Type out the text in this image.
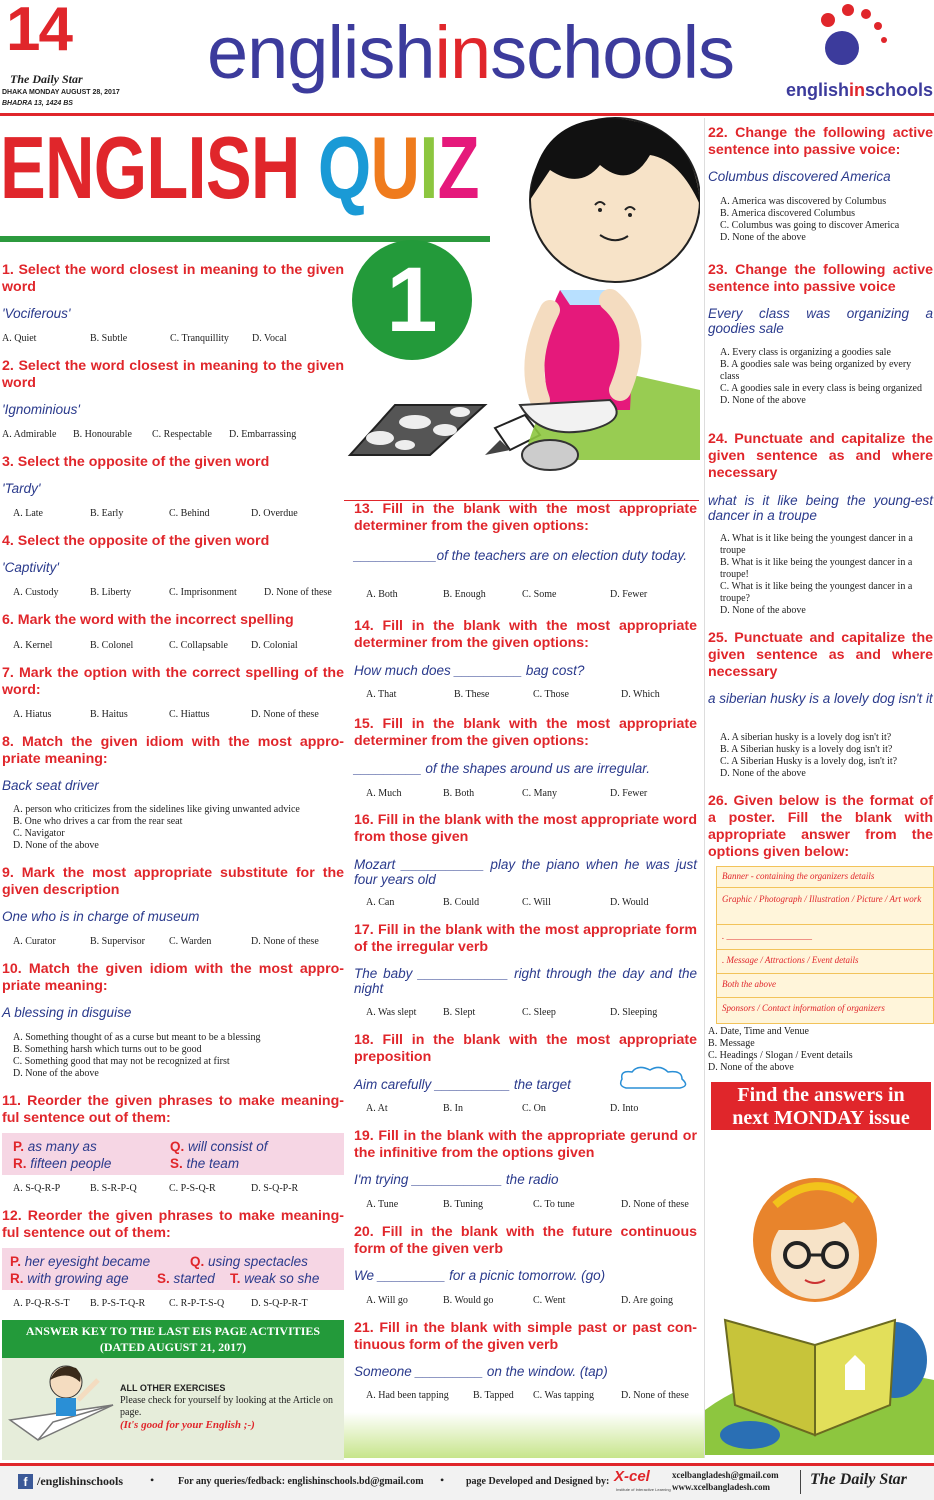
14
The Daily Star
DHAKA MONDAY AUGUST 28, 2017
BHADRA 13, 1424 BS
englishinschools	englishinschools
ENGLISH QUIZ
1
1. Select the word closest in meaning to the given word
'Vociferous'
A. Quiet	B. Subtle	C. Tranquillity	D. Vocal
2. Select the word closest in meaning to the given word
'Ignominious'
A. Admirable	B. Honourable	C. Respectable	D. Embarrassing
3. Select the opposite of the given word
'Tardy'
A. Late	B. Early	C. Behind	D. Overdue
4. Select the opposite of the given word
'Captivity'
A. Custody	B. Liberty	C. Imprisonment	D. None of these
6. Mark the word with the incorrect spelling
A. Kernel	B. Colonel	C. Collapsable	D. Colonial
7. Mark the option with the correct spelling of the word:
A. Hiatus	B. Haitus	C. Hiattus	D. None of these
8. Match the given idiom with the most appro-priate meaning:
Back seat driver
A. person who criticizes from the sidelines like giving unwanted advice
B. One who drives a car from the rear seat
C. Navigator
D. None of the above
9. Mark the most appropriate substitute for the given description
One who is in charge of museum
A. Curator	B. Supervisor	C. Warden	D. None of these
10. Match the given idiom with the most appro-priate meaning:
A blessing in disguise
A. Something thought of as a curse but meant to be a blessing
B. Something harsh which turns out to be good
C. Something good that may not be recognized at first
D. None of the above
11. Reorder the given phrases to make meaning-ful sentence out of them:
P. as many as	Q. will consist of
R. fifteen people	S. the team
A. S-Q-R-P	B. S-R-P-Q	C. P-S-Q-R	D. S-Q-P-R
12. Reorder the given phrases to make meaning-ful sentence out of them:
P. her eyesight became	Q. using spectacles
R. with growing age S. started T. weak so she
A. P-Q-R-S-T	B. P-S-T-Q-R	C. R-P-T-S-Q	D. S-Q-P-R-T
ANSWER KEY TO THE LAST EIS PAGE ACTIVITIES
(DATED AUGUST 21, 2017)
ALL OTHER EXERCISES
Please check for yourself by looking at the Article on page.
(It's good for your English ;-)
13. Fill in the blank with the most appropriate determiner from the given options:
___________of the teachers are on election duty today.
A. Both	B. Enough	C. Some	D. Fewer
14. Fill in the blank with the most appropriate determiner from the given options:
How much does _________ bag cost?
A. That	B. These	C. Those	D. Which
15. Fill in the blank with the most appropriate determiner from the given options:
_________ of the shapes around us are irregular.
A. Much	B. Both	C. Many	D. Fewer
16. Fill in the blank with the most appropriate word from those given
Mozart ___________ play the piano when he was just four years old
A. Can	B. Could	C. Will	D. Would
17. Fill in the blank with the most appropriate form of the irregular verb
The baby ____________ right through the day and the night
A. Was slept	B. Slept	C. Sleep	D. Sleeping
18. Fill in the blank with the most appropriate preposition
Aim carefully __________ the target
A. At	B. In	C. On	D. Into
19. Fill in the blank with the appropriate gerund or the infinitive from the options given
I'm trying ____________ the radio
A. Tune	B. Tuning	C. To tune	D. None of these
20. Fill in the blank with the future continuous form of the given verb
We _________ for a picnic tomorrow. (go)
A. Will go	B. Would go	C. Went	D. Are going
21. Fill in the blank with simple past or past con-tinuous form of the given verb
Someone _________ on the window. (tap)
A. Had been tapping	B. Tapped	C. Was tapping	D. None of these
22. Change the following active sentence into passive voice:
Columbus discovered America
A. America was discovered by Columbus
B. America discovered Columbus
C. Columbus was going to discover America
D. None of the above
23. Change the following active sentence into passive voice
Every class was organizing a goodies sale
A. Every class is organizing a goodies sale
B. A goodies sale was being organized by every class
C. A goodies sale in every class is being organized
D. None of the above
24. Punctuate and capitalize the given sentence as and where necessary
what is it like being the young-est dancer in a troupe
A. What is it like being the youngest dancer in a troupe
B. What is it like being the youngest dancer in a troupe!
C. What is it like being the youngest dancer in a troupe?
D. None of the above
25. Punctuate and capitalize the given sentence as and where necessary
a siberian husky is a lovely dog isn't it
A. A siberian husky is a lovely dog isn't it?
B. A Siberian husky is a lovely dog isn't it?
C. A Siberian Husky is a lovely dog, isn't it?
D. None of the above
26. Given below is the format of a poster. Fill the blank with appropriate answer from the options given below:
Banner - containing the organizers details
Graphic / Photograph / Illustration / Picture / Art work
. ___________________
. Message / Attractions / Event details
Both the above
Sponsors / Contact information of organizers
A. Date, Time and Venue
B. Message
C. Headings / Slogan / Event details
D. None of the above
Find the answers in
next MONDAY issue
f /englishinschools • For any queries/fedback: englishinschools.bd@gmail.com • page Developed and Designed by: X-cel
Institute of Interactive Learning
xcelbangladesh@gmail.com
www.xcelbangladesh.com The Daily Star
